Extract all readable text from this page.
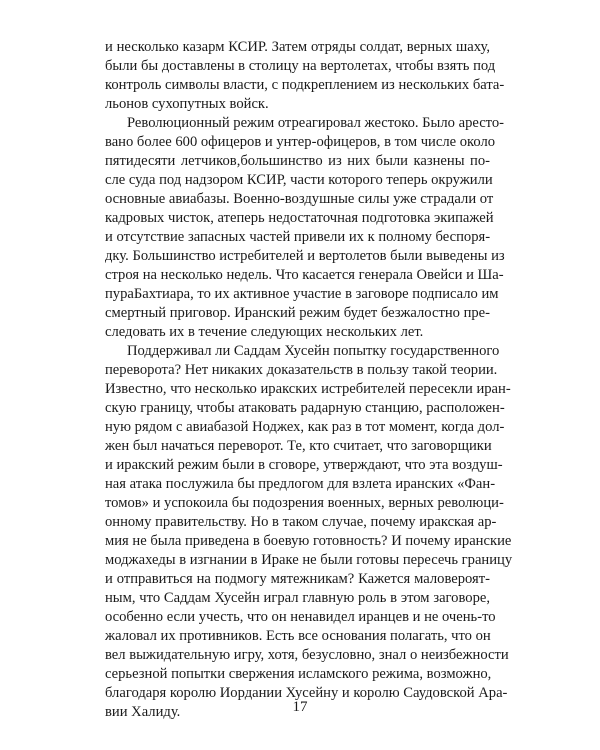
и несколько казарм КСИР. Затем отряды солдат, верных шаху,
были бы доставлены в столицу на вертолетах, чтобы взять под
контроль символы власти, с подкреплением из нескольких бата-
льонов сухопутных войск.
Революционный режим отреагировал жестоко. Было аресто-
вано более 600 офицеров и унтер-офицеров, в том числе около
пятидесяти летчиков,большинство из них были казнены по-
сле суда под надзором КСИР, части которого теперь окружили
основные авиабазы. Военно-воздушные силы уже страдали от
кадровых чисток, атеперь недостаточная подготовка экипажей
и отсутствие запасных частей привели их к полному беспоря-
дку. Большинство истребителей и вертолетов были выведены из
строя на несколько недель. Что касается генерала Овейси и Ша-
пураБахтиара, то их активное участие в заговоре подписало им
смертный приговор. Иранский режим будет безжалостно пре-
следовать их в течение следующих нескольких лет.
Поддерживал ли Саддам Хусейн попытку государственного
переворота? Нет никаких доказательств в пользу такой теории.
Известно, что несколько иракских истребителей пересекли иран-
скую границу, чтобы атаковать радарную станцию, расположен-
ную рядом с авиабазой Ноджех, как раз в тот момент, когда дол-
жен был начаться переворот. Те, кто считает, что заговорщики
и иракский режим были в сговоре, утверждают, что эта воздуш-
ная атака послужила бы предлогом для взлета иранских «Фан-
томов» и успокоила бы подозрения военных, верных революци-
онному правительству. Но в таком случае, почему иракская ар-
мия не была приведена в боевую готовность? И почему иранские
моджахеды в изгнании в Ираке не были готовы пересечь границу
и отправиться на подмогу мятежникам? Кажется маловероят-
ным, что Саддам Хусейн играл главную роль в этом заговоре,
особенно если учесть, что он ненавидел иранцев и не очень-то
жаловал их противников. Есть все основания полагать, что он
вел выжидательную игру, хотя, безусловно, знал о неизбежности
серьезной попытки свержения исламского режима, возможно,
благодаря королю Иордании Хусейну и королю Саудовской Ара-
вии Халиду.	17
